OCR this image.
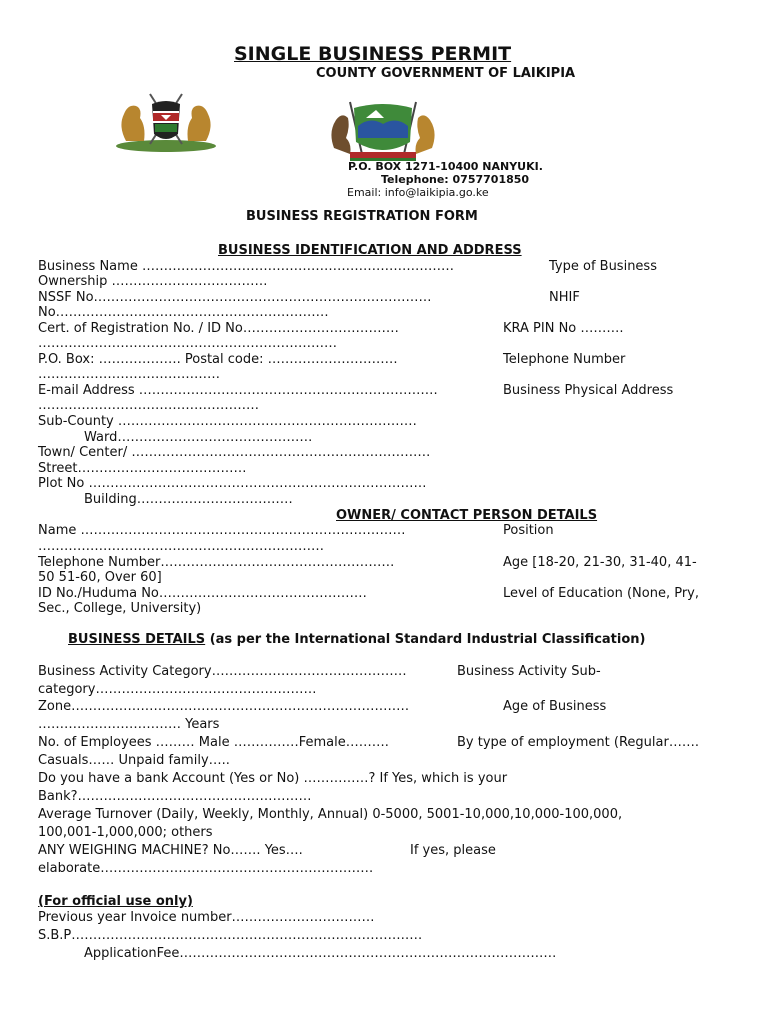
SINGLE BUSINESS PERMIT
COUNTY GOVERNMENT OF LAIKIPIA
P.O. BOX 1271-10400 NANYUKI.
Telephone: 0757701850
Email: info@laikipia.go.ke
BUSINESS REGISTRATION FORM
BUSINESS IDENTIFICATION AND ADDRESS
Business Name ………………………………………………………………
Ownership ………………………………
NSSF No……………………………………………………………………
No………………………………………………………
Cert. of Registration No. / ID No………………………………
……………………………………………………………
P.O. Box: ………………. Postal code: …………………………
……………………………………
E-mail Address ……………………………………………………………
……………………………………………
Sub-County ……………………………………………………………
Ward………………………………………
Town/ Center/ ……………………………………………………………
Street…………………………………
Plot No ……………………………………………………………………
Building………………………………
Type of Business
NHIF
KRA PIN No ……….
Telephone Number
Business Physical Address
OWNER/ CONTACT PERSON DETAILS
Name …………………………………………………………………
…………………………………………………………
Telephone Number………………………………………………
50 51-60, Over 60]
ID No./Huduma No…………………………………………
Sec., College, University)
Position
Age [18-20, 21-30, 31-40, 41-
Level of Education (None, Pry,
BUSINESS DETAILS (as per the International Standard Industrial Classification)
Business Activity Category………………………………………
category……………………………………………
Zone……………………………………………………………………
…………………………… Years
No. of Employees ……… Male ……………Female……….
Casuals…… Unpaid family…..
Do you have a bank Account (Yes or No) ……………? If Yes, which is your
Bank?………………………………………………
Average Turnover (Daily, Weekly, Monthly, Annual) 0-5000, 5001-10,000,10,000-100,000,
100,001-1,000,000; others
ANY WEIGHING MACHINE? No……. Yes….
elaborate………………………………………………………
Business Activity Sub-
Age of Business
By type of employment (Regular…….
If yes, please
(For official use only)
Previous year Invoice number……………………………
S.B.P………………………………………………………………………
ApplicationFee……………………………………………………………………………
